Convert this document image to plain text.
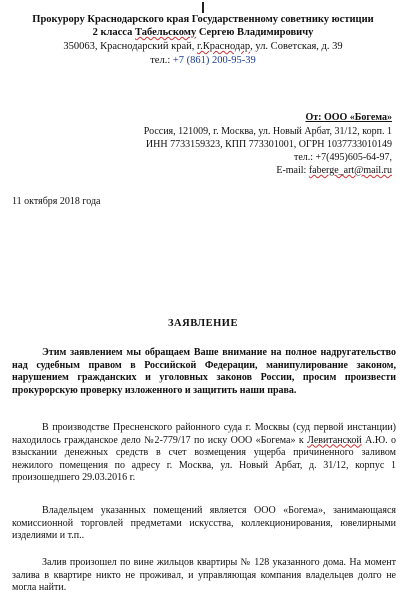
Прокурору Краснодарского края Государственному советнику юстиции
2 класса Табельскому Сергею Владимировичу
350063, Краснодарский край, г.Краснодар, ул. Советская, д. 39
тел.: +7 (861) 200-95-39
От: ООО «Богема»
Россия, 121009, г. Москва, ул. Новый Арбат, 31/12, корп. 1
ИНН 7733159323, КПП 773301001, ОГРН 1037733010149
тел.: +7(495)605-64-97,
E-mail: faberge_art@mail.ru
11 октября 2018 года
ЗАЯВЛЕНИЕ
Этим заявлением мы обращаем Ваше внимание на полное надругательство над судебным правом в Российской Федерации, манипулирование законом, нарушением гражданских и уголовных законов России, просим произвести прокурорскую проверку изложенного и защитить наши права.
В производстве Пресненского районного суда г. Москвы (суд первой инстанции) находилось гражданское дело №2-779/17 по иску ООО «Богема» к Левитанской А.Ю. о взыскании денежных средств в счет возмещения ущерба причиненного заливом нежилого помещения по адресу г. Москва, ул. Новый Арбат, д. 31/12, корпус 1 произошедшего 29.03.2016 г.
Владельцем указанных помещений является ООО «Богема», занимающаяся комиссионной торговлей предметами искусства, коллекционирования, ювелирными изделиями и т.п..
Залив произошел по вине жильцов квартиры № 128 указанного дома. На момент залива в квартире никто не проживал, и управляющая компания владельцев долго не могла найти.
